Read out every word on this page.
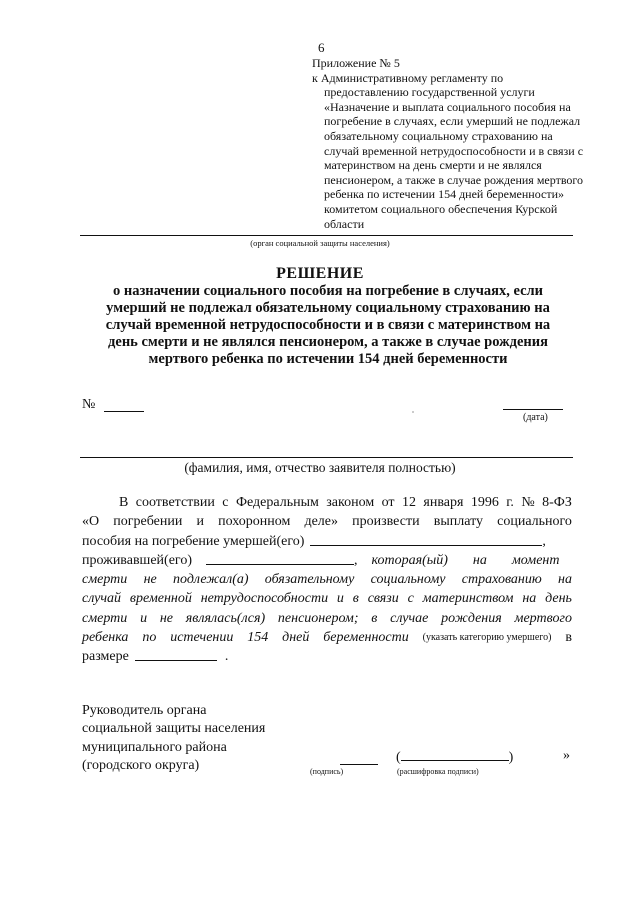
6
Приложение № 5
к Административному регламенту по
предоставлению государственной услуги
«Назначение и выплата социального пособия на
погребение в случаях, если умерший не подлежал
обязательному социальному страхованию на
случай временной нетрудоспособности и в связи с
материнством на день смерти и не являлся
пенсионером, а также в случае рождения мертвого
ребенка по истечении 154 дней беременности»
комитетом социального обеспечения Курской
области
(орган социальной защиты населения)
РЕШЕНИЕ
о назначении социального пособия на погребение в случаях, если
умерший не подлежал обязательному социальному страхованию на
случай временной нетрудоспособности и в связи с материнством на
день смерти и не являлся пенсионером, а также в случае рождения
мертвого ребенка по истечении 154 дней беременности
№
(дата)
(фамилия, имя, отчество заявителя полностью)
В соответствии с Федеральным законом от 12 января 1996 г. № 8-ФЗ
«О погребении и похоронном деле» произвести выплату социального
пособия на погребение умершей(его)	,
проживавшей(его)	, которая(ый) на момент
смерти не подлежал(а) обязательному социальному страхованию на
случай временной нетрудоспособности и в связи с материнством на день
смерти и не являлась(лся) пенсионером; в случае рождения мертвого
ребенка по истечении 154 дней беременности (указать категорию умершего) в
размере	.
Руководитель органа
социальной защиты населения
муниципального района
(городского округа)	(подпись)
(	)
(расшифровка подписи)
»
